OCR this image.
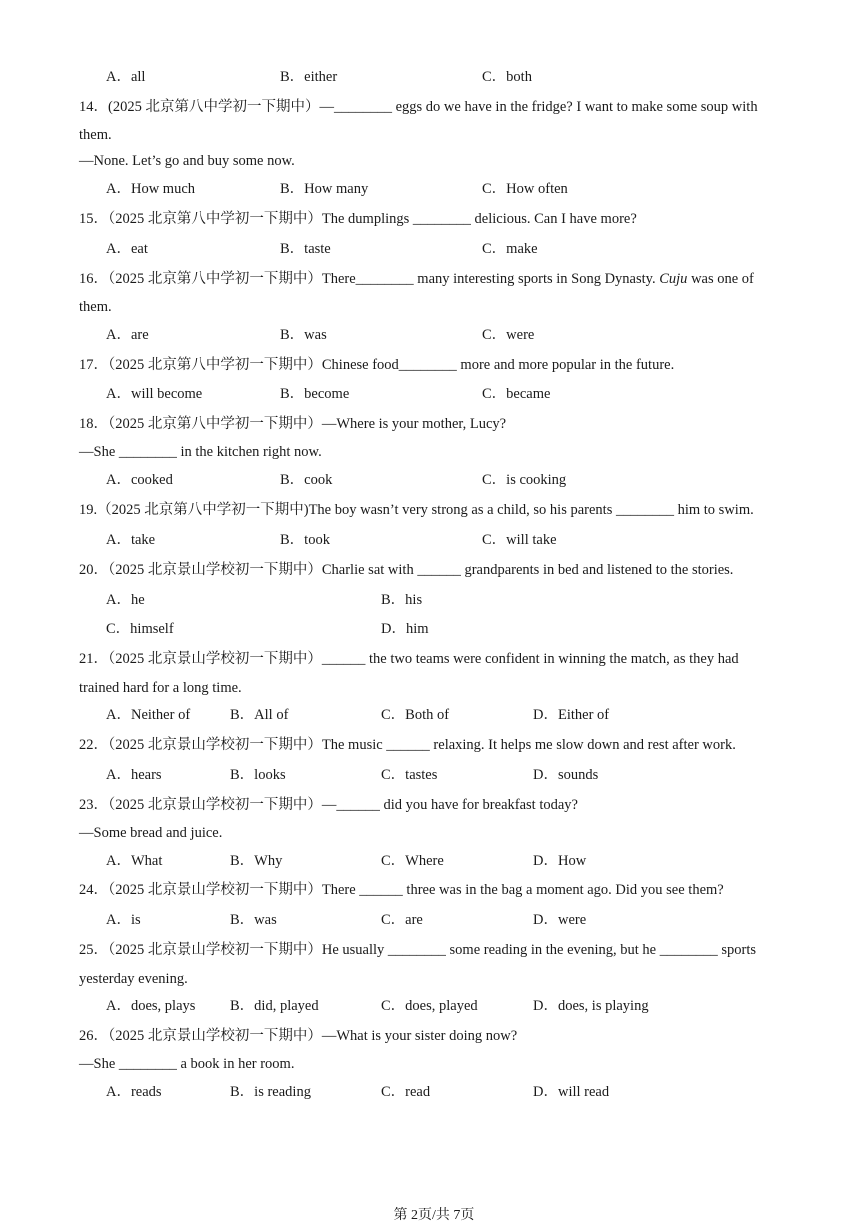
A．all	B．either	C．both
14．(2025 北京第八中学初一下期中）—________ eggs do we have in the fridge? I want to make some soup with
them.
—None. Let’s go and buy some now.
A．How much	B．How many	C．How often
15．（2025 北京第八中学初一下期中）The dumplings ________ delicious. Can I have more?
A．eat	B．taste	C．make
16．（2025 北京第八中学初一下期中）There________ many interesting sports in Song Dynasty. Cuju was one of
them.
A．are	B．was	C．were
17．（2025 北京第八中学初一下期中）Chinese food________ more and more popular in the future.
A．will become	B．become	C．became
18．（2025 北京第八中学初一下期中）—Where is your mother, Lucy?
—She ________ in the kitchen right now.
A．cooked	B．cook	C．is cooking
19.（2025 北京第八中学初一下期中)The boy wasn’t very strong as a child, so his parents ________ him to swim.
A．take	B．took	C．will take
20．（2025 北京景山学校初一下期中）Charlie sat with ______ grandparents in bed and listened to the stories.
A．he	B．his
C．himself	D．him
21．（2025 北京景山学校初一下期中）______ the two teams were confident in winning the match, as they had
trained hard for a long time.
A．Neither of	B．All of	C．Both of	D．Either of
22．（2025 北京景山学校初一下期中）The music ______ relaxing. It helps me slow down and rest after work.
A．hears	B．looks	C．tastes	D．sounds
23．（2025 北京景山学校初一下期中）—______ did you have for breakfast today?
—Some bread and juice.
A．What	B．Why	C．Where	D．How
24．（2025 北京景山学校初一下期中）There ______ three was in the bag a moment ago. Did you see them?
A．is	B．was	C．are	D．were
25．（2025 北京景山学校初一下期中）He usually ________ some reading in the evening, but he ________ sports
yesterday evening.
A．does, plays B．did, played	C．does, played	D．does, is playing
26．（2025 北京景山学校初一下期中）—What is your sister doing now?
—She ________ a book in her room.
A．reads	B．is reading	C．read	D．will read
第 2页/共 7页
